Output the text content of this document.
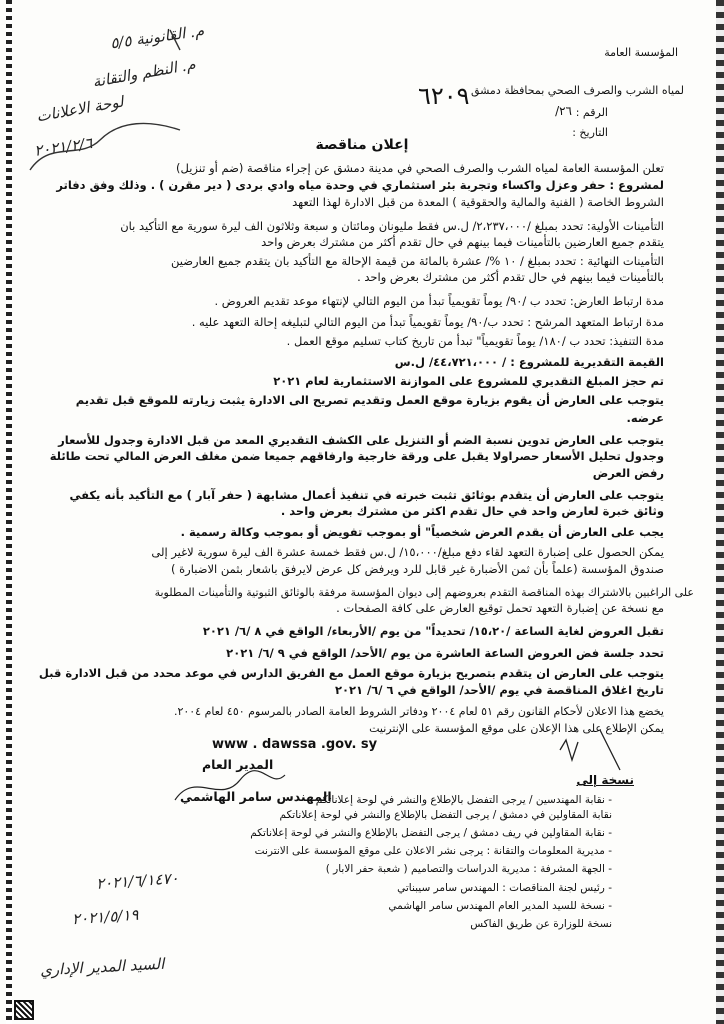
المؤسسة العامة
لمياه الشرب والصرف الصحي بمحافظة دمشق
الرقم :
٢٦/
التاريخ :
٦٢٠٩
م. القانونية ٥/٥
م. النظم والتقانة
لوحة الاعلانات
٢٠٢١/٢/٦	إعلان مناقصة
تعلن المؤسسة العامة لمياه الشرب والصرف الصحي في مدينة دمشق عن إجراء مناقصة (ضم أو تنزيل)
لمشروع : حفر وعزل واكساء وتجربة بئر استثماري في وحدة مياه وادي بردى ( دير مقرن ) . وذلك وفق دفاتر
الشروط الخاصة ( الفنية والمالية والحقوقية ) المعدة من قبل الادارة لهذا التعهد
التأمينات الأولية: تحدد بمبلغ /٢،٢٣٧،٠٠٠/ ل.س فقط مليونان ومائتان و سبعة وثلاثون الف ليرة سورية مع التأكيد بان
يتقدم جميع العارضين بالتأمينات فيما بينهم في حال تقدم أكثر من مشترك بعرض واحد
التأمينات النهائية : تحدد بمبلغ / ١٠ %/ عشرة بالمائة من قيمة الإحالة مع التأكيد بان يتقدم جميع العارضين
بالتأمينات فيما بينهم في حال تقدم أكثر من مشترك بعرض واحد .
مدة ارتباط العارض: تحدد ب /٩٠/ يوماً تقويمياً تبدأ من اليوم التالي لإنتهاء موعد تقديم العروض .
مدة ارتباط المتعهد المرشح : تحدد ب/٩٠/ يوماً تقويمياً تبدأ من اليوم التالي لتبليغه إحالة التعهد عليه .
مدة التنفيذ: تحدد ب /١٨٠/ يوماً تقويمياً" تبدأ من تاريخ كتاب تسليم موقع العمل .
القيمة التقديرية للمشروع : / ٤٤،٧٢١،٠٠٠/ ل.س
تم حجز المبلغ التقديري للمشروع على الموازنة الاستثمارية لعام ٢٠٢١
يتوجب على العارض أن يقوم بزيارة موقع العمل وتقديم تصريح الى الادارة يثبت زيارته للموقع قبل تقديم
عرضه.
يتوجب على العارض تدوين نسبة الضم أو التنزيل على الكشف التقديري المعد من قبل الادارة وجدول للأسعار
وجدول تحليل الأسعار حصراولا يقبل على ورقة خارجية وارفاقهم جميعا ضمن مغلف العرض المالي تحت طائلة
رفض العرض
يتوجب على العارض أن يتقدم بوثائق تثبت خبرته في تنفيذ أعمال مشابهة ( حفر آبار ) مع التأكيد بأنه يكفي
وثائق خبرة لعارض واحد في حال تقدم اكثر من مشترك بعرض واحد .
يجب على العارض أن يقدم العرض شخصياً" أو بموجب تفويض أو بموجب وكالة رسمية .
يمكن الحصول على إضبارة التعهد لقاء دفع مبلغ/١٥،٠٠٠/ ل.س فقط خمسة عشرة الف ليرة سورية لاغير إلى
صندوق المؤسسة (علماً بأن ثمن الأضبارة غير قابل للرد ويرفض كل عرض لايرفق باشعار بثمن الاضبارة )
على الراغبين بالاشتراك بهذه المناقصة التقدم بعروضهم إلى ديوان المؤسسة مرفقة بالوثائق الثبوتية والتأمينات المطلوبة
مع نسخة عن إضبارة التعهد تحمل توقيع العارض على كافة الصفحات .
تقبل العروض لغاية الساعة /١٥،٢٠/ تحديداً" من يوم /الأربعاء/ الواقع في ٨ /٦/ ٢٠٢١
تحدد جلسة فض العروض الساعة العاشرة من يوم /الأحد/ الواقع في ٩ /٦/ ٢٠٢١
يتوجب على العارض ان يتقدم بتصريح بزيارة موقع العمل مع الفريق الدارس في موعد محدد من قبل الادارة قبل
تاريخ اغلاق المناقصة في يوم /الأحد/ الواقع في ٦ /٦/ ٢٠٢١
يخضع هذا الاعلان لأحكام القانون رقم ٥١ لعام ٢٠٠٤ ودفاتر الشروط العامة الصادر بالمرسوم ٤٥٠ لعام ٢٠٠٤.
يمكن الإطلاع على هذا الإعلان على موقع المؤسسة على الإنترنيت
www . dawssa .gov. sy
المدير العام
المهندس سامر الهاشمي
نسخة إلى
- نقابة المهندسين / يرجى التفضل بالإطلاع والنشر في لوحة إعلاناتكم
نقابة المقاولين في دمشق / يرجى التفضل بالإطلاع والنشر في لوحة إعلاناتكم
- نقابة المقاولين في ريف دمشق / يرجى التفضل بالإطلاع والنشر في لوحة إعلاناتكم
- مديرية المعلومات والتقانة : يرجى نشر الاعلان على موقع المؤسسة على الانترنت
- الجهة المشرفة : مديرية الدراسات والتصاميم ( شعبة حفر الابار )
- رئيس لجنة المناقصات : المهندس سامر سيبناتي
- نسخة للسيد المدير العام المهندس سامر الهاشمي
نسخة للوزارة عن طريق الفاكس
٢٠٢١/٦/١٤٧٠
٢٠٢١/٥/١٩
السيد المدير الإداري
